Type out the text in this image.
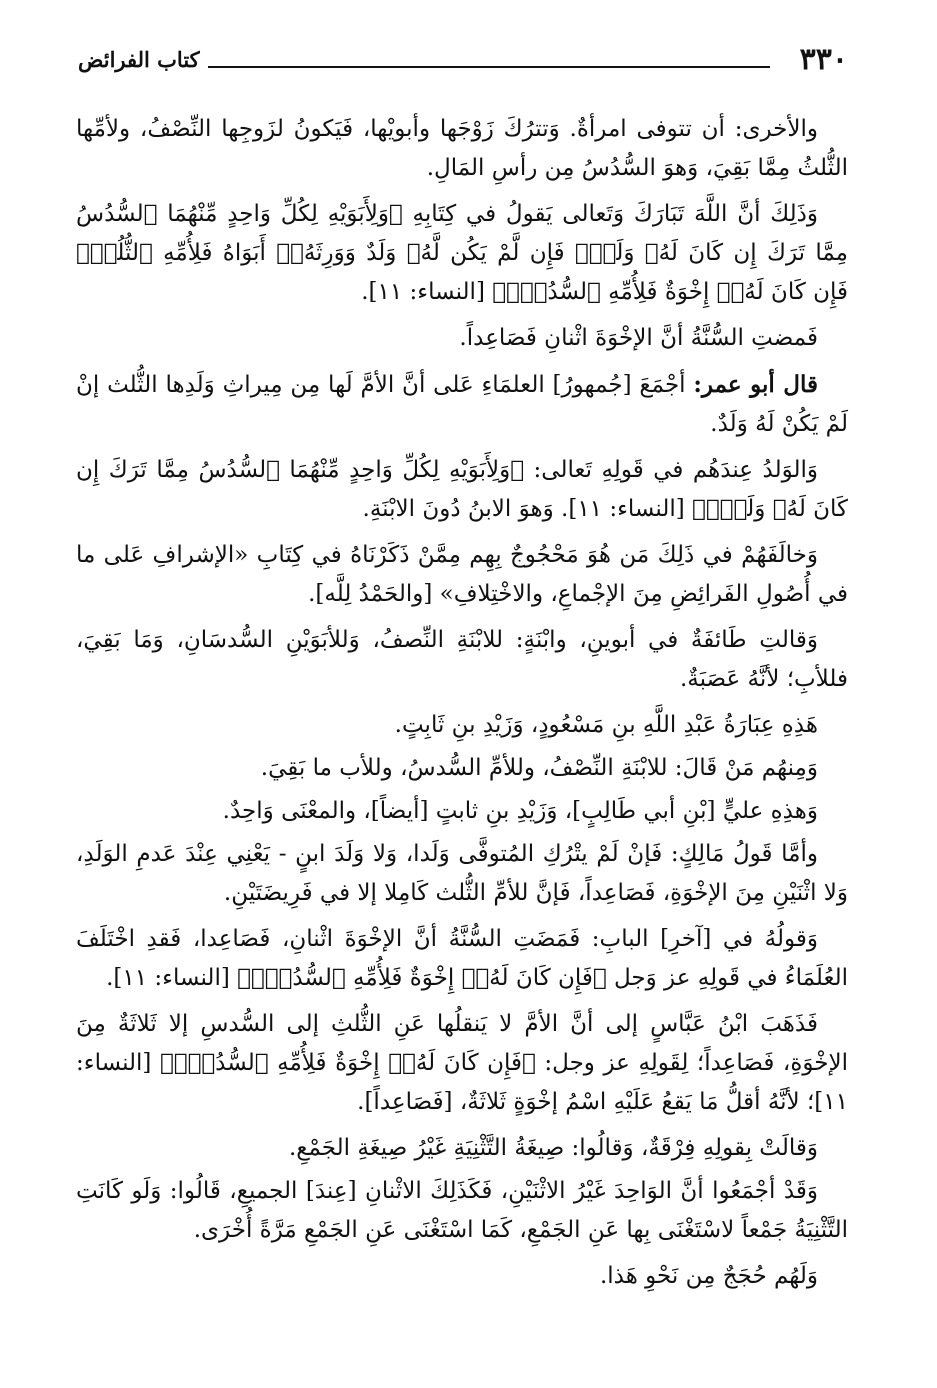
٣٣٠
كتاب الفرائض

والأخرى: أن تتوفى امرأةٌ. وَتترُكَ زَوْجَها وأبويْها، فَيَكونُ لزَوجِها النِّصْفُ، ولأمِّها الثُّلثُ مِمَّا بَقِيَ، وَهوَ السُّدُسُ مِن رأسِ المَالِ.

وَذَلِكَ أنَّ اللَّهَ تَبَارَكَ وَتَعالى يَقولُ في كِتَابِهِ ﴿وَلِأَبَوَيْهِ لِكُلِّ وَاحِدٍ مِّنْهُمَا ٱلسُّدُسُ مِمَّا تَرَكَ إِن كَانَ لَهُۥ وَلَدٌۚ فَإِن لَّمْ يَكُن لَّهُۥ وَلَدٌ وَوَرِثَهُۥٓ أَبَوَاهُ فَلِأُمِّهِ ٱلثُّلُثُۚ فَإِن كَانَ لَهُۥٓ إِخْوَةٌ فَلِأُمِّهِ ٱلسُّدُسُۚ﴾ [النساء: ١١].

فَمضتِ السُّنَّةُ أنَّ الإخْوَةَ اثْنانِ فَصَاعِداً.

قال أبو عمر: أجْمَعَ [جُمهورُ] العلمَاءِ عَلى أنَّ الأمَّ لَها مِن مِيراثِ وَلَدِها الثُّلث إنْ لَمْ يَكُنْ لَهُ وَلَدٌ.

وَالوَلدُ عِندَهُم في قَولِهِ تَعالى: ﴿وَلِأَبَوَيْهِ لِكُلِّ وَاحِدٍ مِّنْهُمَا ٱلسُّدُسُ مِمَّا تَرَكَ إِن كَانَ لَهُۥ وَلَدٌۚ﴾ [النساء: ١١]. وَهوَ الابنُ دُونَ الابْنَةِ.

وَخالَفَهُمْ في ذَلِكَ مَن هُوَ مَحْجُوجٌ بِهِم مِمَّنْ ذَكَرْنَاهُ في كِتَابِ «الإشرافِ عَلى ما في أُصُولِ الفَرائِضِ مِنَ الإجْماعِ، والاخْتِلافِ» [والحَمْدُ لِلَّه].

وَقالتِ طَائفَةٌ في أبوينِ، وابْنَةٍ: للابْنَةِ النِّصفُ، وَللأبَوَيْنِ السُّدسَانِ، وَمَا بَقِيَ، فللأبِ؛ لأنَّهُ عَصَبَةٌ.

هَذِهِ عِبَارَةُ عَبْدِ اللَّهِ بنِ مَسْعُودٍ، وَزَيْدِ بنِ ثَابِتٍ.

وَمِنهُم مَنْ قَالَ: للابْنَةِ النِّصْفُ، وللأمِّ السُّدسُ، وللأب ما بَقِيَ.

وَهذِهِ عليٍّ [بْنِ أبي طَالِبٍ]، وَزَيْدِ بنِ ثابتٍ [أيضاً]، والمعْنَى وَاحِدٌ.

وأمَّا قَولُ مَالِكٍ: فَإنْ لَمْ يتْرُكِ المُتوفَّى وَلَدا، وَلا وَلَدَ ابنٍ - يَعْنِي عِنْدَ عَدمِ الوَلَدِ، وَلا اثْنَيْنِ مِنَ الإخْوَةِ، فَصَاعِداً، فَإنَّ للأمِّ الثُّلث كَامِلا إلا في فَرِيضَتَيْنِ.

وَقولُهُ في [آخرِ] البابِ: فَمَضَتِ السُّنَّةُ أنَّ الإخْوَةَ اثْنانِ، فَصَاعِدا، فَقدِ اخْتَلَفَ العُلَمَاءُ في قَولِهِ عز وَجل ﴿فَإِن كَانَ لَهُۥٓ إِخْوَةٌ فَلِأُمِّهِ ٱلسُّدُسُۚ﴾ [النساء: ١١].

فَذَهَبَ ابْنُ عَبَّاسٍ إلى أنَّ الأمَّ لا يَنقلُها عَنِ الثُّلثِ إلى السُّدسِ إلا ثَلاثَةٌ مِنَ الإخْوَةِ، فَصَاعِداً؛ لِقَولِهِ عز وجل: ﴿فَإِن كَانَ لَهُۥٓ إِخْوَةٌ فَلِأُمِّهِ ٱلسُّدُسُۚ﴾ [النساء: ١١]؛ لأنَّهُ أقلُّ مَا يَقعُ عَلَيْهِ اسْمُ إخْوَةٍ ثَلاثَةٌ، [فَصَاعِداً].

وَقالَتْ بِقولِهِ فِرْقَةٌ، وَقالُوا: صِيغَةُ التَّثْنِيَةِ غَيْرُ صِيغَةِ الجَمْعِ.

وَقَدْ أجْمَعُوا أنَّ الوَاحِدَ غَيْرُ الاثْنَيْنِ، فَكَذَلِكَ الاثْنانِ [عِندَ] الجميعِ، قَالُوا: وَلَو كَانَتِ التَّثْنِيَةُ جَمْعاً لاسْتَغْنَى بِها عَنِ الجَمْعِ، كَمَا اسْتَغْنَى عَنِ الجَمْعِ مَرَّةً أُخْرَى.

وَلَهُم حُجَجٌ مِن نَحْوِ هَذا.
